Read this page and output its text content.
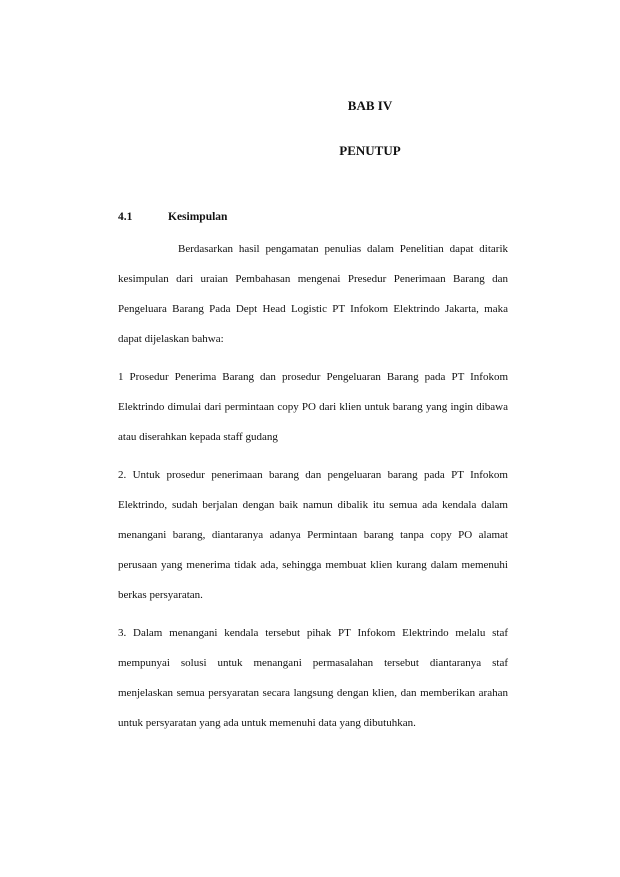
BAB IV
PENUTUP
4.1	Kesimpulan

Berdasarkan hasil pengamatan penulias dalam Penelitian dapat ditarik kesimpulan dari uraian Pembahasan mengenai Presedur Penerimaan Barang dan Pengeluara Barang Pada Dept Head Logistic PT Infokom Elektrindo Jakarta, maka dapat dijelaskan bahwa:

1 Prosedur Penerima Barang dan prosedur Pengeluaran Barang pada PT Infokom Elektrindo dimulai dari permintaan copy PO dari klien untuk barang yang ingin dibawa atau diserahkan kepada staff gudang

2. Untuk prosedur penerimaan barang dan pengeluaran barang pada PT Infokom Elektrindo, sudah berjalan dengan baik namun dibalik itu semua ada kendala dalam menangani barang, diantaranya adanya Permintaan barang tanpa copy PO alamat perusaan yang menerima tidak ada, sehingga membuat klien kurang dalam memenuhi berkas persyaratan.

3. Dalam menangani kendala tersebut pihak PT Infokom Elektrindo melalu staf mempunyai solusi untuk menangani permasalahan tersebut diantaranya staf menjelaskan semua persyaratan secara langsung dengan klien, dan memberikan arahan untuk persyaratan yang ada untuk memenuhi data yang dibutuhkan.
